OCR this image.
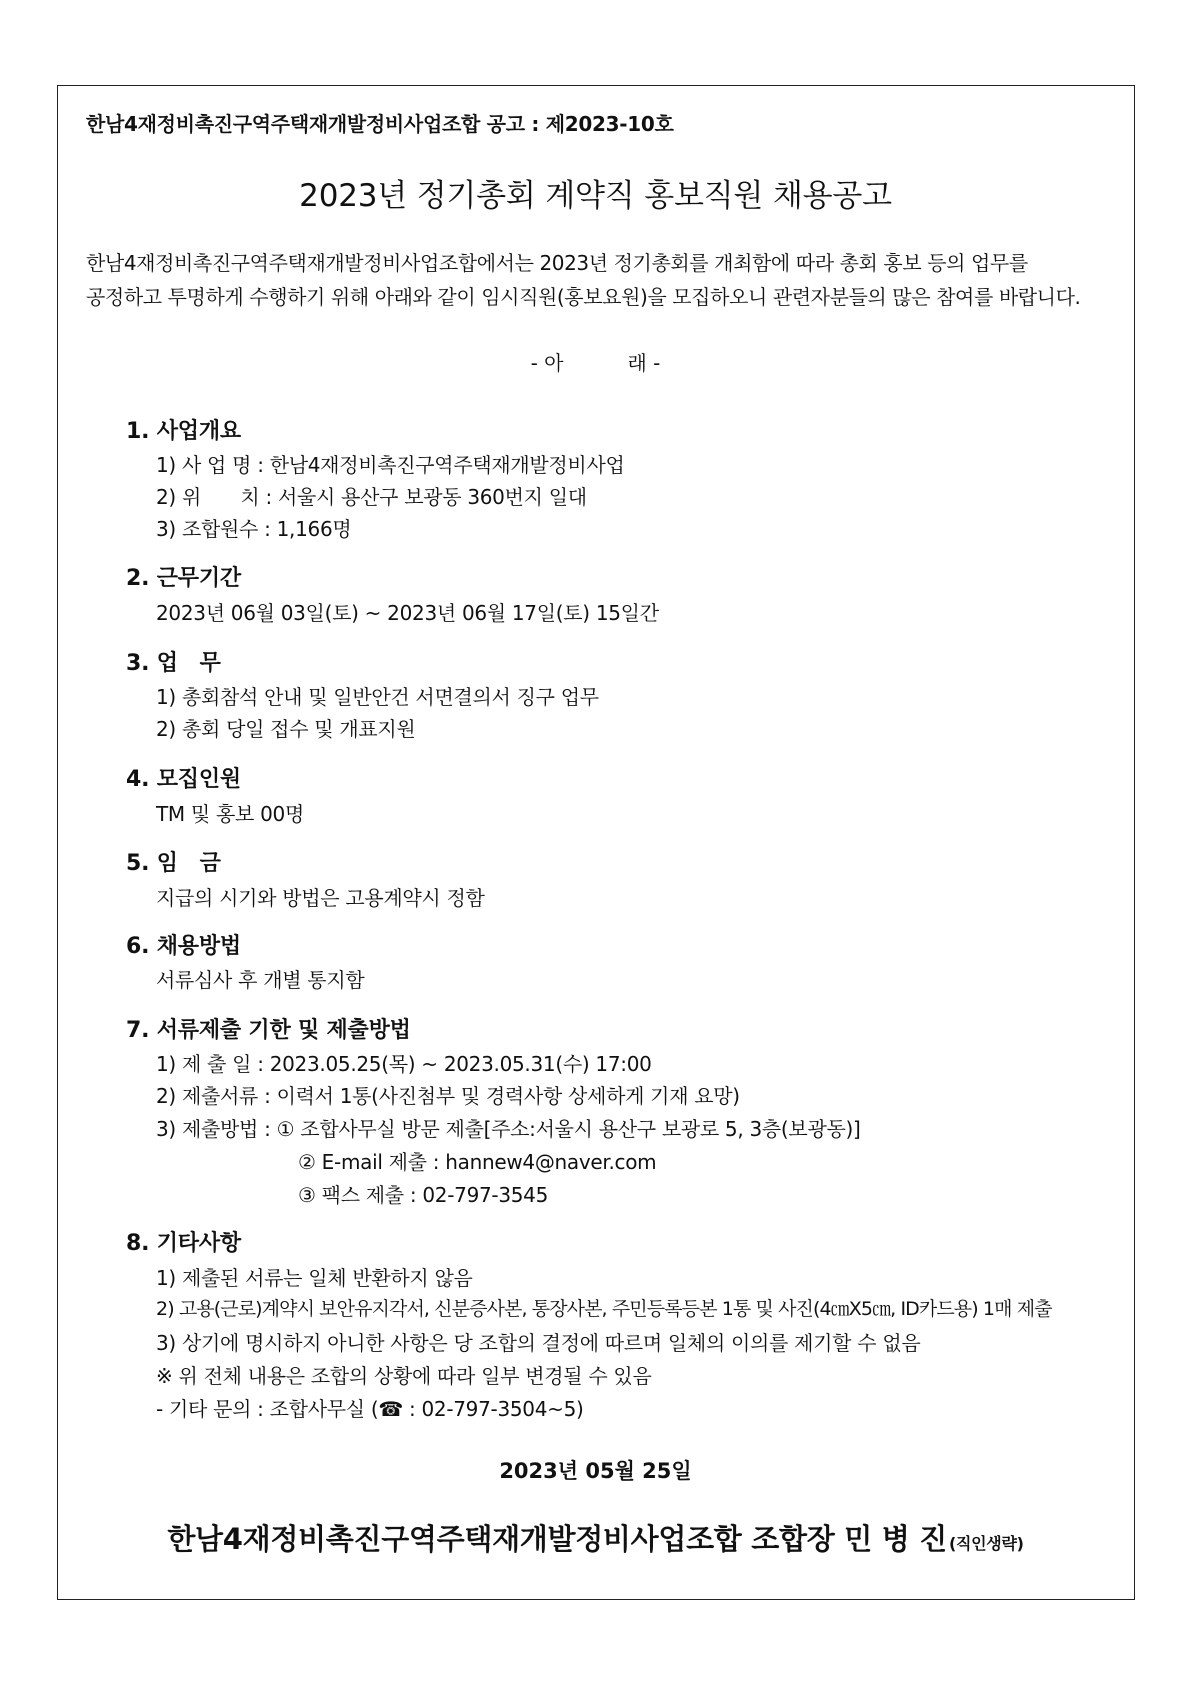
한남4재정비촉진구역주택재개발정비사업조합 공고 : 제2023-10호
2023년 정기총회 계약직 홍보직원 채용공고
한남4재정비촉진구역주택재개발정비사업조합에서는 2023년 정기총회를 개최함에 따라 총회 홍보 등의 업무를
공정하고 투명하게 수행하기 위해 아래와 같이 임시직원(홍보요원)을 모집하오니 관련자분들의 많은 참여를 바랍니다.
- 아	래 -
1. 사업개요
1) 사 업 명 : 한남4재정비촉진구역주택재개발정비사업
2) 위　　치 : 서울시 용산구 보광동 360번지 일대
3) 조합원수 : 1,166명
2. 근무기간
2023년 06월 03일(토) ~ 2023년 06월 17일(토) 15일간
3. 업　무
1) 총회참석 안내 및 일반안건 서면결의서 징구 업무
2) 총회 당일 접수 및 개표지원
4. 모집인원
TM 및 홍보 00명
5. 임　금
지급의 시기와 방법은 고용계약시 정함
6. 채용방법
서류심사 후 개별 통지함
7. 서류제출 기한 및 제출방법
1) 제 출 일 : 2023.05.25(목) ~ 2023.05.31(수) 17:00
2) 제출서류 : 이력서 1통(사진첨부 및 경력사항 상세하게 기재 요망)
3) 제출방법 : ① 조합사무실 방문 제출[주소:서울시 용산구 보광로 5, 3층(보광동)]
② E-mail 제출 : hannew4@naver.com
③ 팩스 제출 : 02-797-3545
8. 기타사항
1) 제출된 서류는 일체 반환하지 않음
2) 고용(근로)계약시 보안유지각서, 신분증사본, 통장사본, 주민등록등본 1통 및 사진(4㎝X5㎝, ID카드용) 1매 제출
3) 상기에 명시하지 아니한 사항은 당 조합의 결정에 따르며 일체의 이의를 제기할 수 없음
※ 위 전체 내용은 조합의 상황에 따라 일부 변경될 수 있음
- 기타 문의 : 조합사무실 (☎ : 02-797-3504~5)
2023년 05월 25일
한남4재정비촉진구역주택재개발정비사업조합 조합장 민 병 진 (직인생략)
